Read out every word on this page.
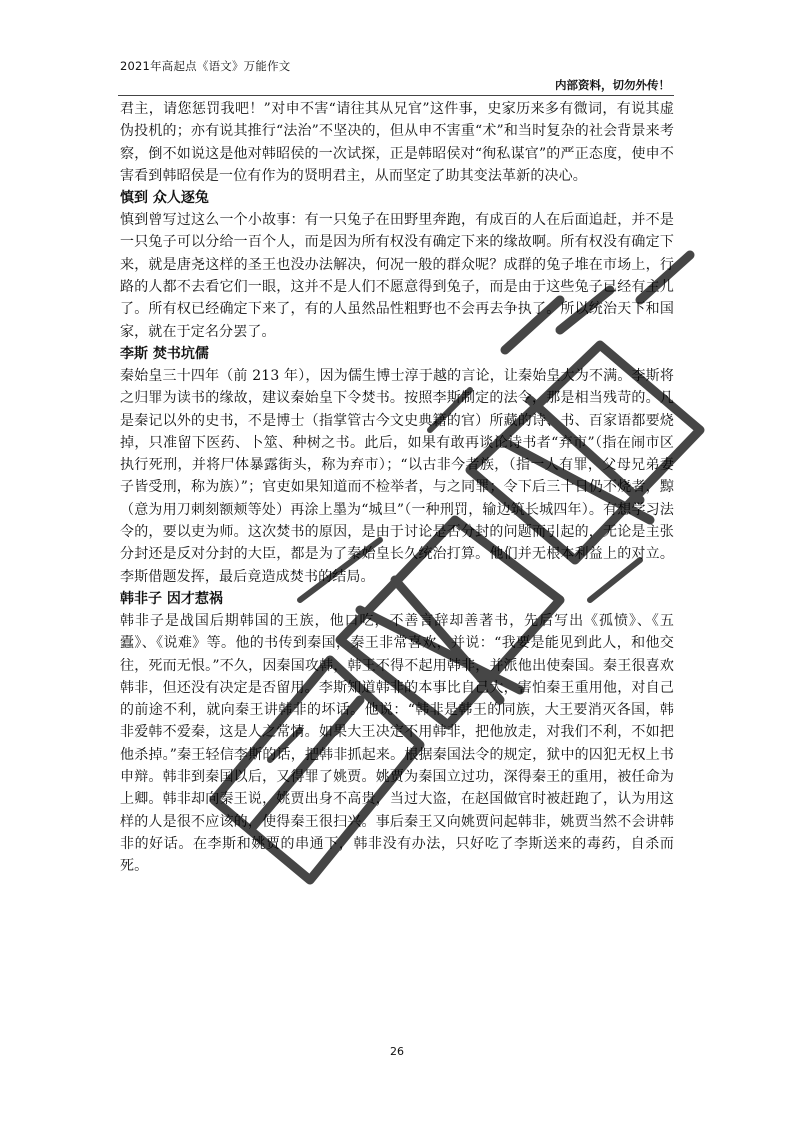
2021年高起点《语文》万能作文
内部资料，切勿外传！

君主，请您惩罚我吧！”对申不害“请往其从兄官”这件事，史家历来多有微词，有说其虚伪投机的；亦有说其推行“法治”不坚决的，但从申不害重“术”和当时复杂的社会背景来考察，倒不如说这是他对韩昭侯的一次试探，正是韩昭侯对“徇私谋官”的严正态度，使申不害看到韩昭侯是一位有作为的贤明君主，从而坚定了助其变法革新的决心。

慎到 众人逐兔

慎到曾写过这么一个小故事：有一只兔子在田野里奔跑，有成百的人在后面追赶，并不是一只兔子可以分给一百个人，而是因为所有权没有确定下来的缘故啊。所有权没有确定下来，就是唐尧这样的圣王也没办法解决，何况一般的群众呢？成群的兔子堆在市场上，行路的人都不去看它们一眼，这并不是人们不愿意得到兔子，而是由于这些兔子已经有主儿了。所有权已经确定下来了，有的人虽然品性粗野也不会再去争执了。所以统治天下和国家，就在于定名分罢了。

李斯 焚书坑儒

秦始皇三十四年（前 213 年），因为儒生博士淳于越的言论，让秦始皇大为不满。李斯将之归罪为读书的缘故，建议秦始皇下令焚书。按照李斯制定的法令，那是相当残苛的。凡是秦记以外的史书，不是博士（指掌管古今文史典籍的官）所藏的诗、书、百家语都要烧掉，只准留下医药、卜筮、种树之书。此后，如果有敢再谈论诗书者“弃市”（指在闹市区执行死刑，并将尸体暴露街头，称为弃市）；“以古非今者族，（指一人有罪，父母兄弟妻子皆受刑，称为族）”；官吏如果知道而不检举者，与之同罪；令下后三十日仍不烧者，黥（意为用刀刺刻额颊等处）再涂上墨为“城旦”（一种刑罚，输边筑长城四年）。有想学习法令的，要以吏为师。这次焚书的原因，是由于讨论是否分封的问题而引起的，无论是主张分封还是反对分封的大臣，都是为了秦始皇长久统治打算。他们并无根本利益上的对立。李斯借题发挥，最后竟造成焚书的结局。

韩非子 因才惹祸

韩非子是战国后期韩国的王族，他口吃，不善言辞却善著书，先后写出《孤愤》、《五蠹》、《说难》等。他的书传到秦国，秦王非常喜欢，并说：“我要是能见到此人，和他交往，死而无恨。”不久，因秦国攻韩，韩王不得不起用韩非，并派他出使秦国。秦王很喜欢韩非，但还没有决定是否留用。李斯知道韩非的本事比自己大，害怕秦王重用他，对自己的前途不利，就向秦王讲韩非的坏话。他说：“韩非是韩王的同族，大王要消灭各国，韩非爱韩不爱秦，这是人之常情。如果大王决定不用韩非，把他放走，对我们不利，不如把他杀掉。”秦王轻信李斯的话，把韩非抓起来。根据秦国法令的规定，狱中的囚犯无权上书申辩。韩非到秦国以后，又得罪了姚贾。姚贾为秦国立过功，深得秦王的重用，被任命为上卿。韩非却向秦王说，姚贾出身不高贵，当过大盗，在赵国做官时被赶跑了，认为用这样的人是很不应该的，使得秦王很扫兴。事后秦王又向姚贾问起韩非，姚贾当然不会讲韩非的好话。在李斯和姚贾的串通下，韩非没有办法，只好吃了李斯送来的毒药，自杀而死。

26
